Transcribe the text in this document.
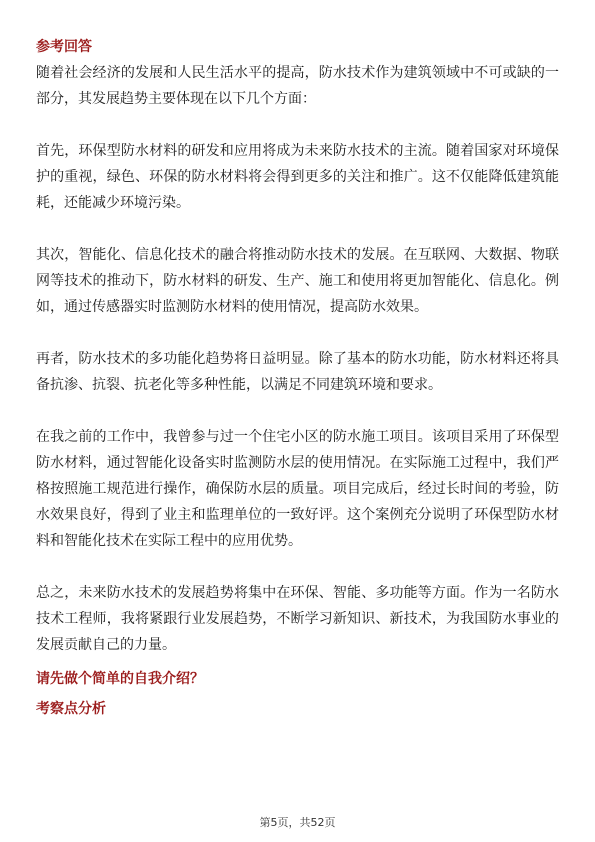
参考回答

随着社会经济的发展和人民生活水平的提高，防水技术作为建筑领域中不可或缺的一部分，其发展趋势主要体现在以下几个方面：

首先，环保型防水材料的研发和应用将成为未来防水技术的主流。随着国家对环境保护的重视，绿色、环保的防水材料将会得到更多的关注和推广。这不仅能降低建筑能耗，还能减少环境污染。

其次，智能化、信息化技术的融合将推动防水技术的发展。在互联网、大数据、物联网等技术的推动下，防水材料的研发、生产、施工和使用将更加智能化、信息化。例如，通过传感器实时监测防水材料的使用情况，提高防水效果。

再者，防水技术的多功能化趋势将日益明显。除了基本的防水功能，防水材料还将具备抗渗、抗裂、抗老化等多种性能，以满足不同建筑环境和要求。

在我之前的工作中，我曾参与过一个住宅小区的防水施工项目。该项目采用了环保型防水材料，通过智能化设备实时监测防水层的使用情况。在实际施工过程中，我们严格按照施工规范进行操作，确保防水层的质量。项目完成后，经过长时间的考验，防水效果良好，得到了业主和监理单位的一致好评。这个案例充分说明了环保型防水材料和智能化技术在实际工程中的应用优势。

总之，未来防水技术的发展趋势将集中在环保、智能、多功能等方面。作为一名防水技术工程师，我将紧跟行业发展趋势，不断学习新知识、新技术，为我国防水事业的发展贡献自己的力量。

请先做个简单的自我介绍？

考察点分析

第5页，共52页
